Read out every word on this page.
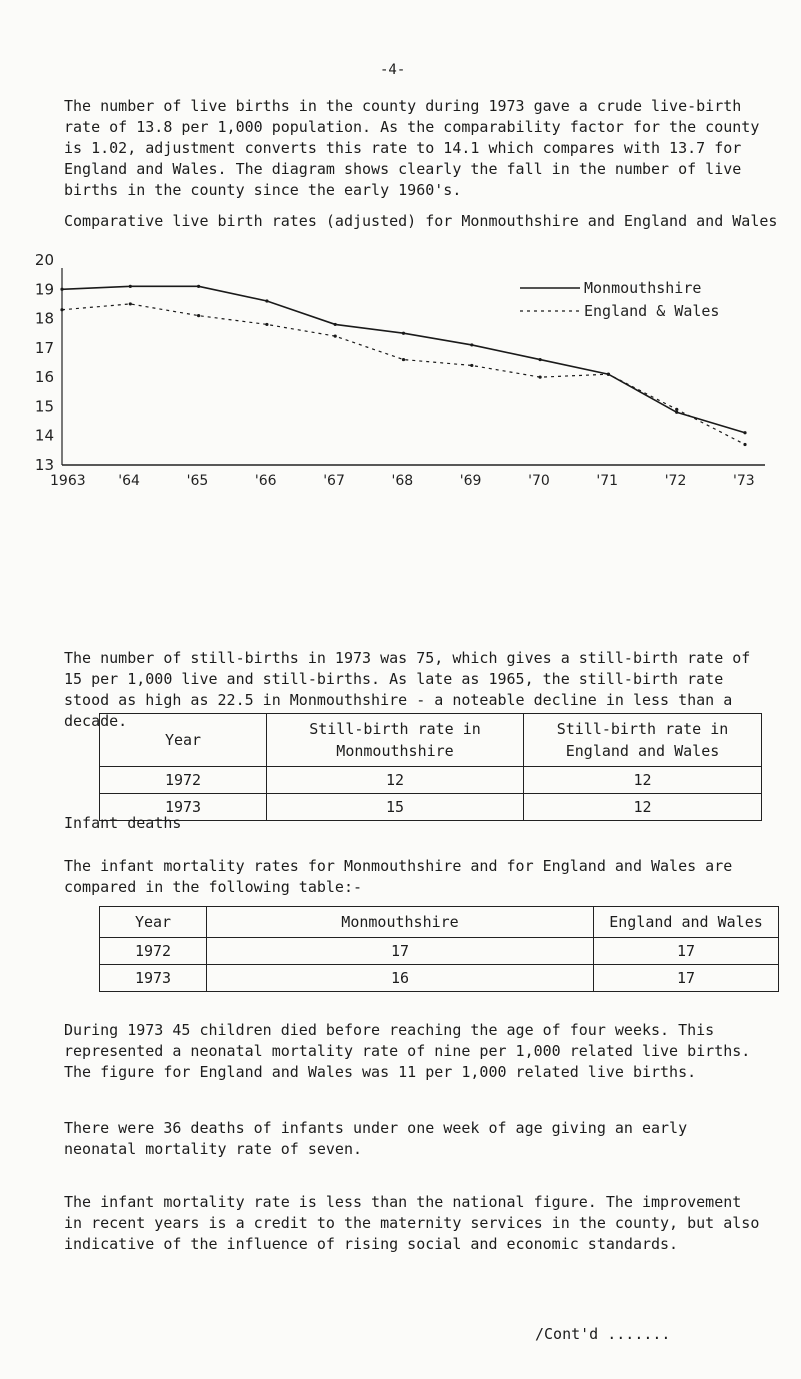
-4-
The number of live births in the county during 1973 gave a crude live-birth rate of 13.8 per 1,000 population. As the comparability factor for the county is 1.02, adjustment converts this rate to 14.1 which compares with 13.7 for England and Wales. The diagram shows clearly the fall in the number of live births in the county since the early 1960's.
Comparative live birth rates (adjusted) for Monmouthshire and England and Wales
13
14
15
16
17
18
19
20
1963 '64	'65	'66	'67	'68	'69	'70	'71	'72	'73
Monmouthshire
England & Wales
The number of still-births in 1973 was 75, which gives a still-birth rate of 15 per 1,000 live and still-births. As late as 1965, the still-birth rate stood as high as 22.5 in Monmouthshire - a noteable decline in less than a decade.
Year	Still-birth rate in Monmouthshire	Still-birth rate in England and Wales
1972	12	12
1973	15	12
Infant deaths
The infant mortality rates for Monmouthshire and for England and Wales are compared in the following table:-
Year	Monmouthshire	England and Wales
1972	17	17
1973	16	17
During 1973 45 children died before reaching the age of four weeks. This represented a neonatal mortality rate of nine per 1,000 related live births. The figure for England and Wales was 11 per 1,000 related live births.
There were 36 deaths of infants under one week of age giving an early neonatal mortality rate of seven.
The infant mortality rate is less than the national figure. The improvement in recent years is a credit to the maternity services in the county, but also indicative of the influence of rising social and economic standards.
/Cont'd .......
